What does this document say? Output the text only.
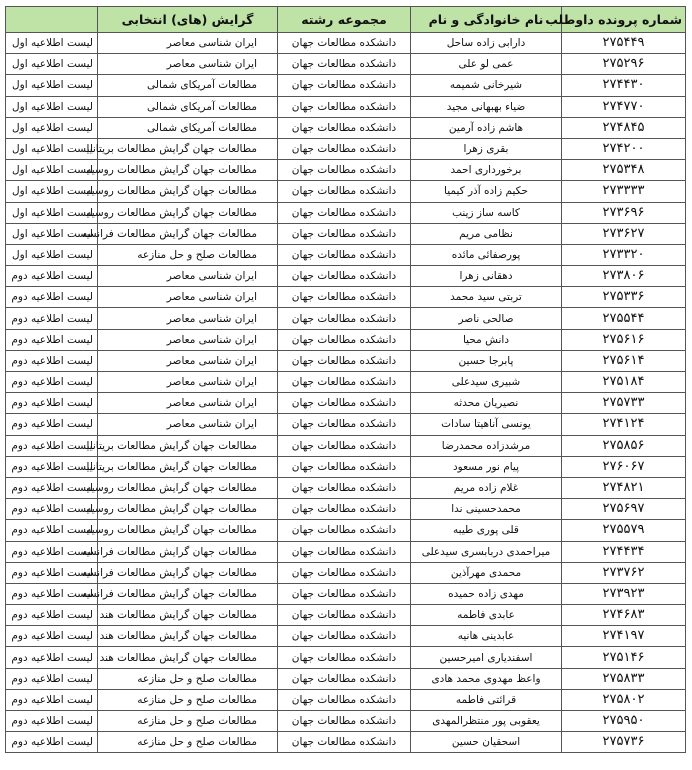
شماره پرونده داوطلب	نام خانوادگی و نام	مجموعه رشته	گرایش (های) انتخابی	
۲۷۵۴۴۹	دارابی زاده ساحل	دانشکده مطالعات جهان	ایران شناسی معاصر	لیست اطلاعیه اول
۲۷۵۲۹۶	عمی لو علی	دانشکده مطالعات جهان	ایران شناسی معاصر	لیست اطلاعیه اول
۲۷۴۴۳۰	شیرخانی شمیمه	دانشکده مطالعات جهان	مطالعات آمریکای شمالی	لیست اطلاعیه اول
۲۷۴۷۷۰	ضیاء بهبهانی مجید	دانشکده مطالعات جهان	مطالعات آمریکای شمالی	لیست اطلاعیه اول
۲۷۴۸۴۵	هاشم زاده آرمین	دانشکده مطالعات جهان	مطالعات آمریکای شمالی	لیست اطلاعیه اول
۲۷۴۲۰۰	بقری زهرا	دانشکده مطالعات جهان	مطالعات جهان گرایش مطالعات بریتانیا	لیست اطلاعیه اول
۲۷۵۳۴۸	برخورداری احمد	دانشکده مطالعات جهان	مطالعات جهان گرایش مطالعات روسیه	لیست اطلاعیه اول
۲۷۳۳۳۳	حکیم زاده آذر کیمیا	دانشکده مطالعات جهان	مطالعات جهان گرایش مطالعات روسیه	لیست اطلاعیه اول
۲۷۳۶۹۶	کاسه ساز زینب	دانشکده مطالعات جهان	مطالعات جهان گرایش مطالعات روسیه	لیست اطلاعیه اول
۲۷۳۶۲۷	نظامی مریم	دانشکده مطالعات جهان	مطالعات جهان گرایش مطالعات فرانسه	لیست اطلاعیه اول
۲۷۳۳۲۰	پورصفائی مائده	دانشکده مطالعات جهان	مطالعات صلح و حل منازعه	لیست اطلاعیه اول
۲۷۳۸۰۶	دهقانی زهرا	دانشکده مطالعات جهان	ایران شناسی معاصر	لیست اطلاعیه دوم
۲۷۵۳۳۶	تربتی سید محمد	دانشکده مطالعات جهان	ایران شناسی معاصر	لیست اطلاعیه دوم
۲۷۵۵۴۴	صالحی ناصر	دانشکده مطالعات جهان	ایران شناسی معاصر	لیست اطلاعیه دوم
۲۷۵۶۱۶	دانش محیا	دانشکده مطالعات جهان	ایران شناسی معاصر	لیست اطلاعیه دوم
۲۷۵۶۱۴	پابرجا حسین	دانشکده مطالعات جهان	ایران شناسی معاصر	لیست اطلاعیه دوم
۲۷۵۱۸۴	شبیری سیدعلی	دانشکده مطالعات جهان	ایران شناسی معاصر	لیست اطلاعیه دوم
۲۷۵۷۳۳	نصیریان محدثه	دانشکده مطالعات جهان	ایران شناسی معاصر	لیست اطلاعیه دوم
۲۷۴۱۲۴	یونسی آناهیتا سادات	دانشکده مطالعات جهان	ایران شناسی معاصر	لیست اطلاعیه دوم
۲۷۵۸۵۶	مرشدزاده محمدرضا	دانشکده مطالعات جهان	مطالعات جهان گرایش مطالعات بریتانیا	لیست اطلاعیه دوم
۲۷۶۰۶۷	پیام نور مسعود	دانشکده مطالعات جهان	مطالعات جهان گرایش مطالعات بریتانیا	لیست اطلاعیه دوم
۲۷۴۸۲۱	غلام زاده مریم	دانشکده مطالعات جهان	مطالعات جهان گرایش مطالعات روسیه	لیست اطلاعیه دوم
۲۷۵۶۹۷	محمدحسینی ندا	دانشکده مطالعات جهان	مطالعات جهان گرایش مطالعات روسیه	لیست اطلاعیه دوم
۲۷۵۵۷۹	قلی پوری طیبه	دانشکده مطالعات جهان	مطالعات جهان گرایش مطالعات روسیه	لیست اطلاعیه دوم
۲۷۴۴۳۴	میراحمدی دربابسری سیدعلی	دانشکده مطالعات جهان	مطالعات جهان گرایش مطالعات فرانسه	لیست اطلاعیه دوم
۲۷۳۷۶۲	محمدی مهرآذین	دانشکده مطالعات جهان	مطالعات جهان گرایش مطالعات فرانسه	لیست اطلاعیه دوم
۲۷۳۹۲۳	مهدی زاده حمیده	دانشکده مطالعات جهان	مطالعات جهان گرایش مطالعات فرانسه	لیست اطلاعیه دوم
۲۷۴۶۸۳	عابدی فاطمه	دانشکده مطالعات جهان	مطالعات جهان گرایش مطالعات هند	لیست اطلاعیه دوم
۲۷۴۱۹۷	عابدینی هانیه	دانشکده مطالعات جهان	مطالعات جهان گرایش مطالعات هند	لیست اطلاعیه دوم
۲۷۵۱۴۶	اسفندیاری امیرحسین	دانشکده مطالعات جهان	مطالعات جهان گرایش مطالعات هند	لیست اطلاعیه دوم
۲۷۵۸۳۳	واعظ مهدوی محمد هادی	دانشکده مطالعات جهان	مطالعات صلح و حل منازعه	لیست اطلاعیه دوم
۲۷۵۸۰۲	قرائتی فاطمه	دانشکده مطالعات جهان	مطالعات صلح و حل منازعه	لیست اطلاعیه دوم
۲۷۵۹۵۰	یعقوبی پور منتظرالمهدی	دانشکده مطالعات جهان	مطالعات صلح و حل منازعه	لیست اطلاعیه دوم
۲۷۵۷۳۶	اسحقیان حسین	دانشکده مطالعات جهان	مطالعات صلح و حل منازعه	لیست اطلاعیه دوم
